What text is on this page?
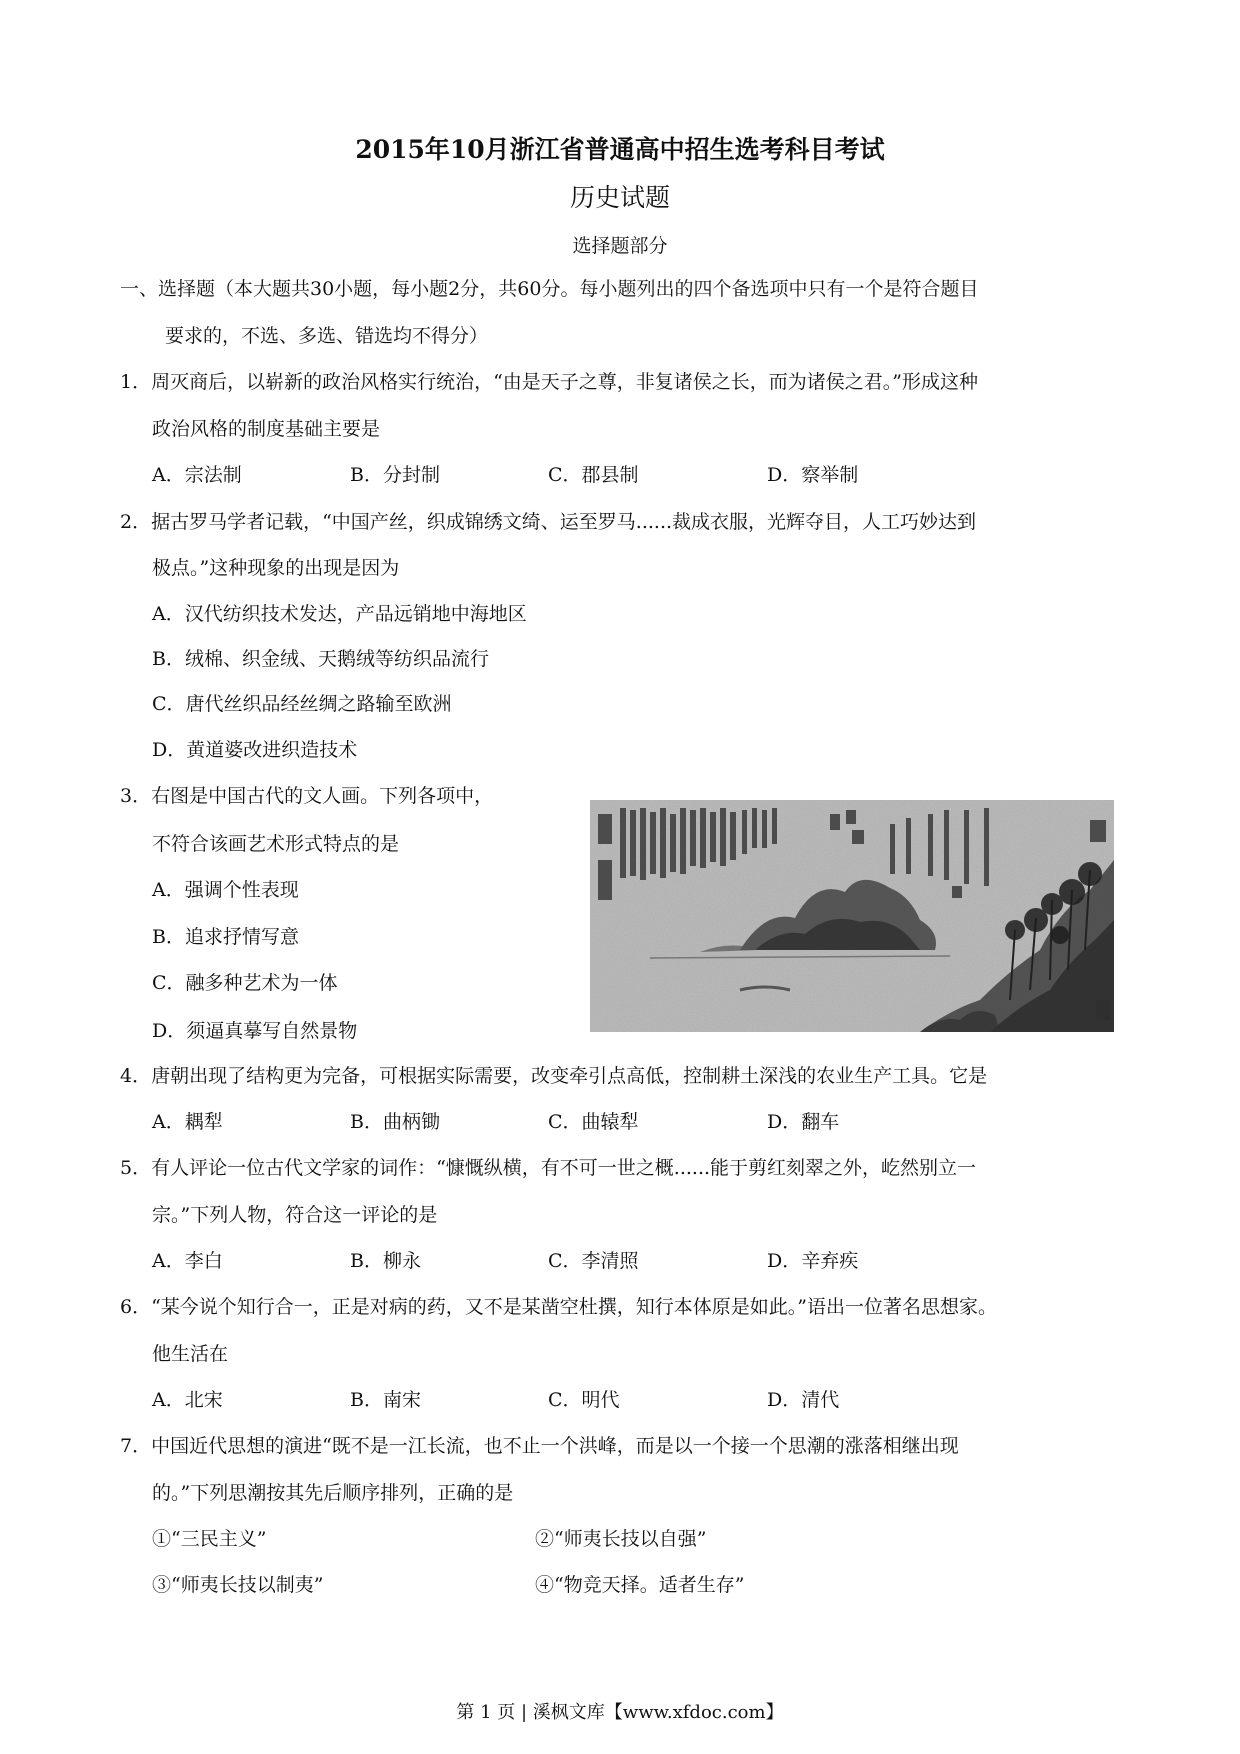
2015年10月浙江省普通高中招生选考科目考试
历史试题
选择题部分
一、选择题（本大题共30小题，每小题2分，共60分。每小题列出的四个备选项中只有一个是符合题目
要求的，不选、多选、错选均不得分）
1．周灭商后，以崭新的政治风格实行统治，“由是天子之尊，非复诸侯之长，而为诸侯之君。”形成这种
政治风格的制度基础主要是
A．宗法制	B．分封制	C．郡县制	D．察举制
2．据古罗马学者记载，“中国产丝，织成锦绣文绮、运至罗马......裁成衣服，光辉夺目，人工巧妙达到
极点。”这种现象的出现是因为
A．汉代纺织技术发达，产品远销地中海地区
B．绒棉、织金绒、天鹅绒等纺织品流行
C．唐代丝织品经丝绸之路输至欧洲
D．黄道婆改进织造技术
3．右图是中国古代的文人画。下列各项中，
不符合该画艺术形式特点的是
A．强调个性表现
B．追求抒情写意
C．融多种艺术为一体
D．须逼真摹写自然景物
4．唐朝出现了结构更为完备，可根据实际需要，改变牵引点高低，控制耕土深浅的农业生产工具。它是
A．耦犁	B．曲柄锄	C．曲辕犁	D．翻车
5．有人评论一位古代文学家的词作：“慷慨纵横，有不可一世之概......能于剪红刻翠之外，屹然别立一
宗。”下列人物，符合这一评论的是
A．李白	B．柳永	C．李清照	D．辛弃疾
6．“某今说个知行合一，正是对病的药，又不是某凿空杜撰，知行本体原是如此。”语出一位著名思想家。
他生活在
A．北宋	B．南宋	C．明代	D．清代
7．中国近代思想的演进“既不是一江长流，也不止一个洪峰，而是以一个接一个思潮的涨落相继出现
的。”下列思潮按其先后顺序排列，正确的是
①“三民主义”	②“师夷长技以自强”
③“师夷长技以制夷”	④“物竞天择。适者生存”
第 1 页 | 溪枫文库【www.xfdoc.com】
